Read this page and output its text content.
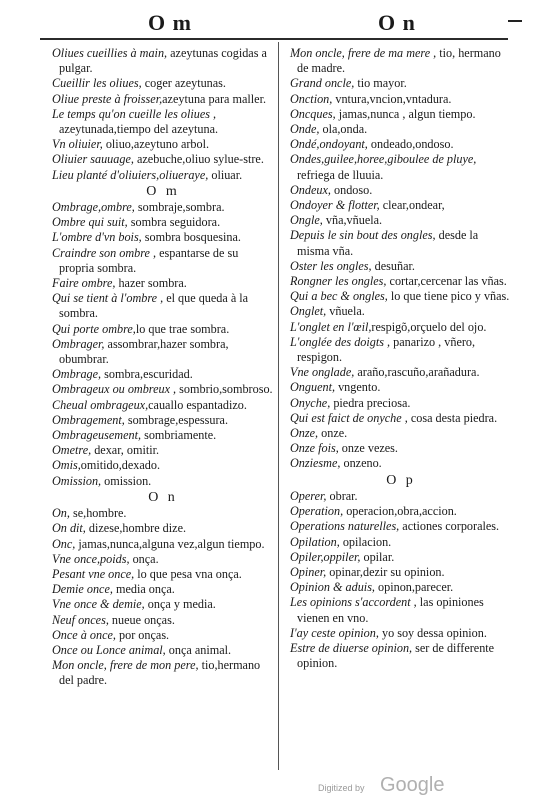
O m	O n

Oliues cueillies à main, azeytunas cogidas a pulgar.

Cueillir les oliues, coger azeytunas.

Oliue preste à froisser,azeytuna para maller.

Le temps qu'on cueille les oliues , azeytunada,tiempo del azeytuna.

Vn oliuier, oliuo,azeytuno arbol.

Oliuier sauuage, azebuche,oliuo sylue-stre.

Lieu planté d'oliuiers,oliueraye, oliuar.

O m

Ombrage,ombre, sombraje,sombra.

Ombre qui suit, sombra seguidora.

L'ombre d'vn bois, sombra bosquesina.

Craindre son ombre , espantarse de su propria sombra.

Faire ombre, hazer sombra.

Qui se tient à l'ombre , el que queda à la sombra.

Qui porte ombre,lo que trae sombra.

Ombrager, assombrar,hazer sombra, obumbrar.

Ombrage, sombra,escuridad.

Ombrageux ou ombreux , sombrio,sombroso.

Cheual ombrageux,cauallo espantadizo.

Ombragement, sombrage,espessura.

Ombrageusement, sombriamente.

Ometre, dexar, omitir.

Omis,omitido,dexado.

Omission, omission.

O n

On, se,hombre.

On dit, dizese,hombre dize.

Onc, jamas,nunca,alguna vez,algun tiempo.

Vne once,poids, onça.

Pesant vne once, lo que pesa vna onça.

Demie once, media onça.

Vne once & demie, onça y media.

Neuf onces, nueue onças.

Once à once, por onças.

Once ou Lonce animal, onça animal.

Mon oncle, frere de mon pere, tio,hermano del padre.

Mon oncle, frere de ma mere , tio, hermano de madre.

Grand oncle, tio mayor.

Onction, vntura,vncion,vntadura.

Oncques, jamas,nunca , algun tiempo.

Onde, ola,onda.

Ondé,ondoyant, ondeado,ondoso.

Ondes,guilee,horee,giboulee de pluye, refriega de lluuia.

Ondeux, ondoso.

Ondoyer & flotter, clear,ondear,

Ongle, vña,vñuela.

Depuis le sin bout des ongles, desde la misma vña.

Oster les ongles, desuñar.

Rongner les ongles, cortar,cercenar las vñas.

Qui a bec & ongles, lo que tiene pico y vñas.

Onglet, vñuela.

L'onglet en l'œil,respigõ,orçuelo del ojo.

L'onglée des doigts , panarizo , vñero, respigon.

Vne onglade, araño,rascuño,arañadura.

Onguent, vngento.

Onyche, piedra preciosa.

Qui est faict de onyche , cosa desta piedra.

Onze, onze.

Onze fois, onze vezes.

Onziesme, onzeno.

O p

Operer, obrar.

Operation, operacion,obra,accion.

Operations naturelles, actiones corporales.

Opilation, opilacion.

Opiler,oppiler, opilar.

Opiner, opinar,dezir su opinion.

Opinion & aduis, opinon,parecer.

Les opinions s'accordent , las opiniones vienen en vno.

I'ay ceste opinion, yo soy dessa opinion.

Estre de diuerse opinion, ser de differente opinion.

Digitized by Google
